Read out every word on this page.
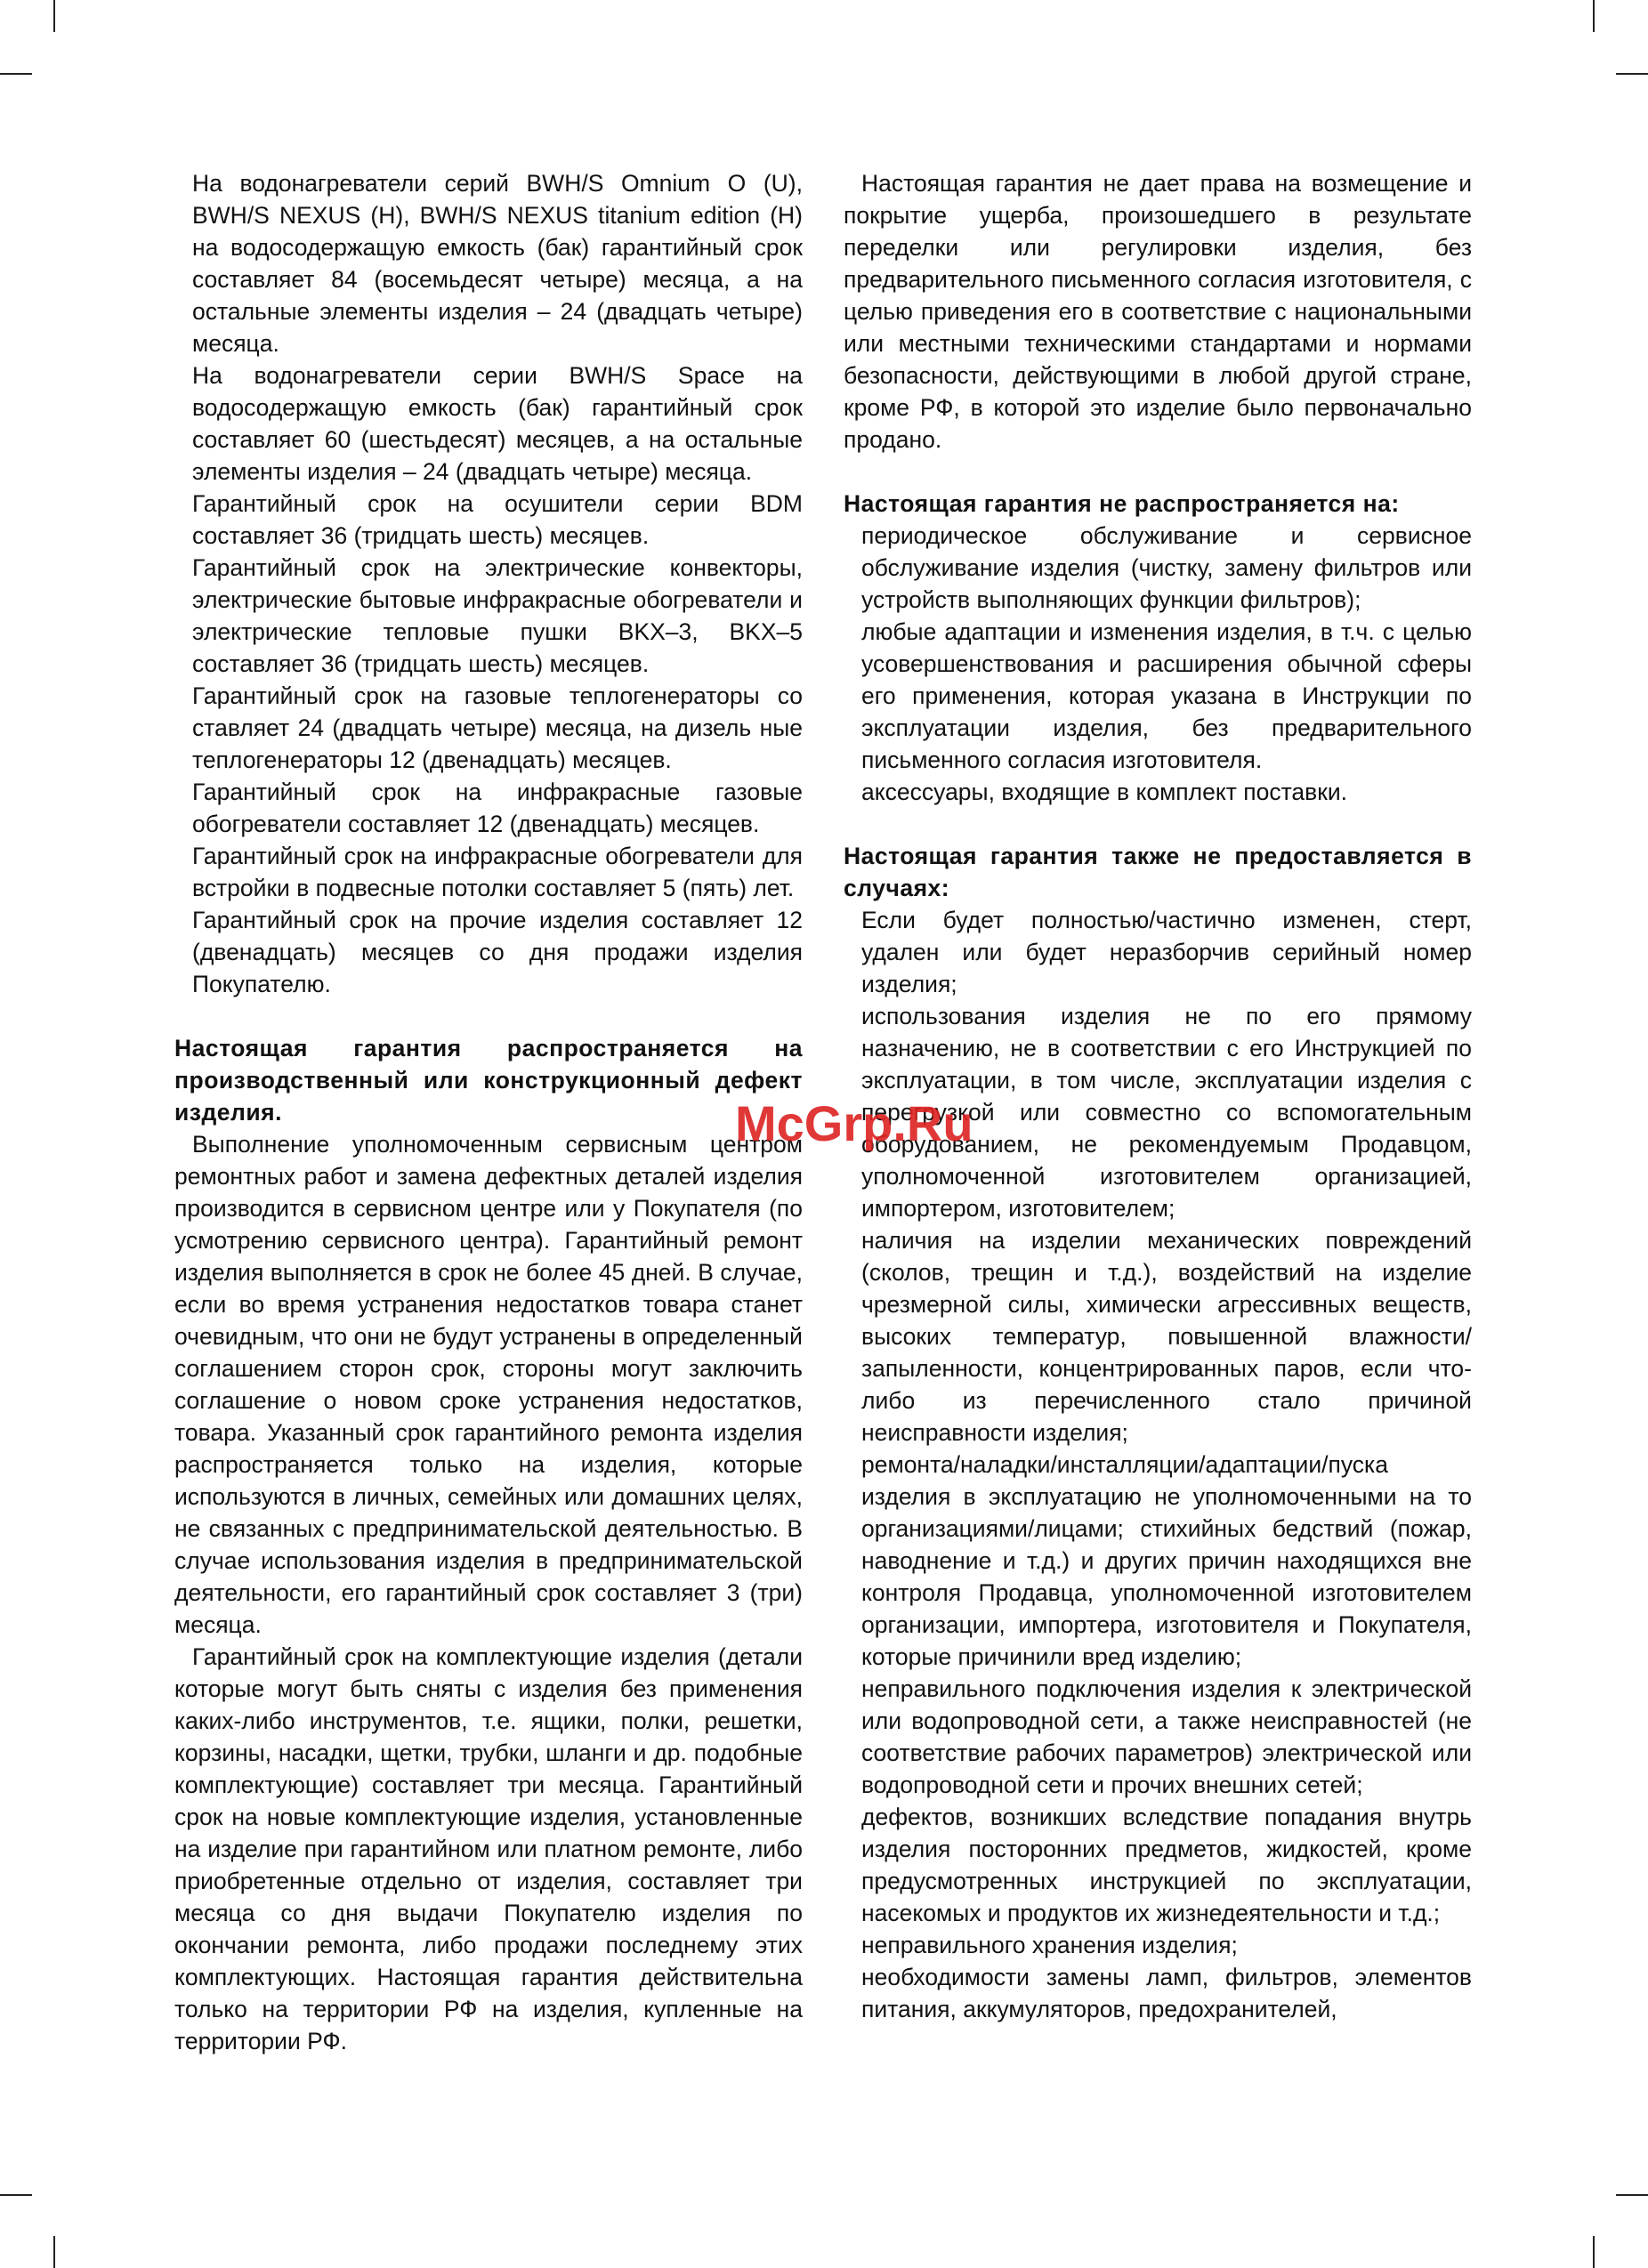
На водонагреватели серий BWH/S Omnium O (U), BWH/S NEXUS (H), BWH/S NEXUS titanium edition (H) на водосодержащую емкость (бак) гарантийный срок составляет 84 (восемьдесят четыре) месяца, а на остальные элементы изделия – 24 (двадцать четыре) месяца.

На водонагреватели серии BWH/S Space на водосодержащую емкость (бак) гарантийный срок составляет 60 (шестьдесят) месяцев, а на остальные элементы изделия – 24 (двадцать четыре) месяца.

Гарантийный срок на осушители серии BDM составляет 36 (тридцать шесть) месяцев.

Гарантийный срок на электрические конвекторы, электрические бытовые инфракрасные обогреватели и электрические тепловые пушки BKX–3, BKX–5 составляет 36 (тридцать шесть) месяцев.

Гарантийный срок на газовые теплогенераторы со ставляет 24 (двадцать четыре) месяца, на дизель ные теплогенераторы 12 (двенадцать) месяцев.

Гарантийный срок на инфракрасные газовые обогреватели составляет 12 (двенадцать) месяцев.

Гарантийный срок на инфракрасные обогреватели для встройки в подвесные потолки составляет 5 (пять) лет.

Гарантийный срок на прочие изделия составляет 12 (двенадцать) месяцев со дня продажи изделия Покупателю.

Настоящая гарантия распространяется на производственный или конструкционный дефект изделия.

Выполнение уполномоченным сервисным центром ремонтных работ и замена дефектных деталей изделия производится в сервисном центре или у Покупателя (по усмотрению сервисного центра). Гарантийный ремонт изделия выполняется в срок не более 45 дней. В случае, если во время устранения недостатков товара станет очевидным, что они не будут устранены в определенный соглашением сторон срок, стороны могут заключить соглашение о новом сроке устранения недостатков, товара. Указанный срок гарантийного ремонта изделия распространяется только на изделия, которые используются в личных, семейных или домашних целях, не связанных с предпринимательской деятельностью. В случае использования изделия в предпринимательской деятельности, его гарантийный срок составляет 3 (три) месяца.

Гарантийный срок на комплектующие изделия (детали которые могут быть сняты с изделия без применения каких-либо инструментов, т.е. ящики, полки, решетки, корзины, насадки, щетки, трубки, шланги и др. подобные комплектующие) составляет три месяца. Гарантийный срок на новые комплектующие изделия, установленные на изделие при гарантийном или платном ремонте, либо приобретенные отдельно от изделия, составляет три месяца со дня выдачи Покупателю изделия по окончании ремонта, либо продажи последнему этих комплектующих. Настоящая гарантия действительна только на территории РФ на изделия, купленные на территории РФ.

Настоящая гарантия не дает права на возмещение и покрытие ущерба, произошедшего в результате переделки или регулировки изделия, без предварительного письменного согласия изготовителя, с целью приведения его в соответствие с национальными или местными техническими стандартами и нормами безопасности, действующими в любой другой стране, кроме РФ, в которой это изделие было первоначально продано.

Настоящая гарантия не распространяется на:

периодическое обслуживание и сервисное обслуживание изделия (чистку, замену фильтров или устройств выполняющих функции фильтров);

любые адаптации и изменения изделия, в т.ч. с целью усовершенствования и расширения обычной сферы его применения, которая указана в Инструкции по эксплуатации изделия, без предварительного письменного согласия изготовителя.

аксессуары, входящие в комплект поставки.

Настоящая гарантия также не предоставляется в случаях:

Если будет полностью/частично изменен, стерт, удален или будет неразборчив серийный номер изделия;

использования изделия не по его прямому назначению, не в соответствии с его Инструкцией по эксплуатации, в том числе, эксплуатации изделия с перегрузкой или совместно со вспомогательным оборудованием, не рекомендуемым Продавцом, уполномоченной изготовителем организацией, импортером, изготовителем;

наличия на изделии механических повреждений (сколов, трещин и т.д.), воздействий на изделие чрезмерной силы, химически агрессивных веществ, высоких температур, повышенной влажности/запыленности, концентрированных паров, если что-либо из перечисленного стало причиной неисправности изделия;

ремонта/наладки/инсталляции/адаптации/пуска изделия в эксплуатацию не уполномоченными на то организациями/лицами; стихийных бедствий (пожар, наводнение и т.д.) и других причин находящихся вне контроля Продавца, уполномоченной изготовителем организации, импортера, изготовителя и Покупателя, которые причинили вред изделию;

неправильного подключения изделия к электрической или водопроводной сети, а также неисправностей (не соответствие рабочих параметров) электрической или водопроводной сети и прочих внешних сетей;

дефектов, возникших вследствие попадания внутрь изделия посторонних предметов, жидкостей, кроме предусмотренных инструкцией по эксплуатации, насекомых и продуктов их жизнедеятельности и т.д.;

неправильного хранения изделия;

необходимости замены ламп, фильтров, элементов питания, аккумуляторов, предохранителей,

McGrp.Ru
